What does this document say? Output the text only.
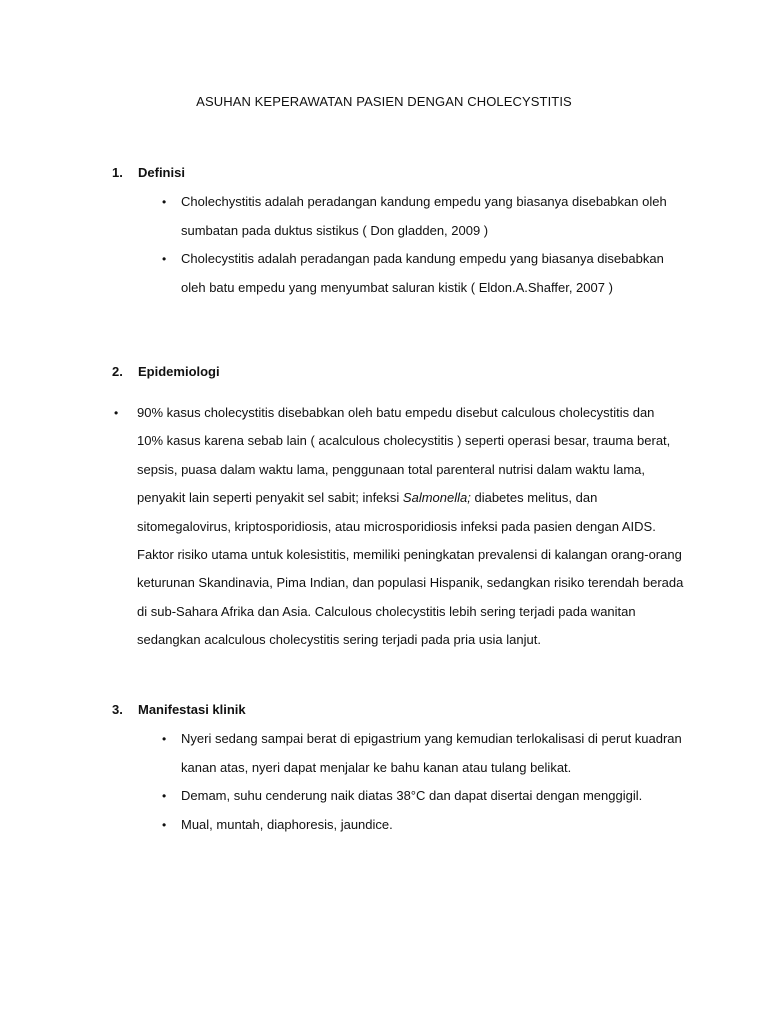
ASUHAN KEPERAWATAN PASIEN DENGAN CHOLECYSTITIS
1. Definisi
• Cholechystitis adalah peradangan kandung empedu yang biasanya disebabkan oleh sumbatan pada duktus sistikus ( Don gladden, 2009 )
• Cholecystitis adalah peradangan pada kandung empedu yang biasanya disebabkan oleh batu empedu yang menyumbat saluran kistik ( Eldon.A.Shaffer, 2007 )
2. Epidemiologi
• 90% kasus cholecystitis disebabkan oleh batu empedu disebut calculous cholecystitis dan 10% kasus karena sebab lain ( acalculous cholecystitis ) seperti operasi besar, trauma berat, sepsis, puasa dalam waktu lama, penggunaan total parenteral nutrisi dalam waktu lama, penyakit lain seperti penyakit sel sabit; infeksi Salmonella; diabetes melitus, dan sitomegalovirus, kriptosporidiosis, atau microsporidiosis infeksi pada pasien dengan AIDS. Faktor risiko utama untuk kolesistitis, memiliki peningkatan prevalensi di kalangan orang-orang keturunan Skandinavia, Pima Indian, dan populasi Hispanik, sedangkan risiko terendah berada di sub-Sahara Afrika dan Asia. Calculous cholecystitis lebih sering terjadi pada wanitan sedangkan acalculous cholecystitis sering terjadi pada pria usia lanjut.
3. Manifestasi klinik
• Nyeri sedang sampai berat di epigastrium yang kemudian terlokalisasi di perut kuadran kanan atas, nyeri dapat menjalar ke bahu kanan atau tulang belikat.
• Demam, suhu cenderung naik diatas 38°C dan dapat disertai dengan menggigil.
• Mual, muntah, diaphoresis, jaundice.
